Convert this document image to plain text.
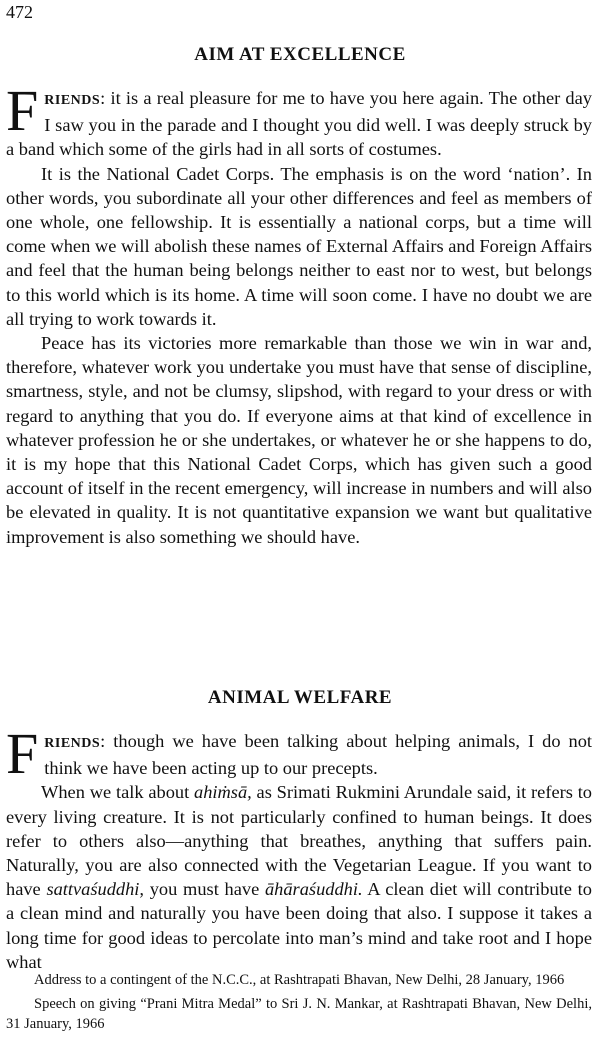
472
AIM AT EXCELLENCE

FRIENDS: it is a real pleasure for me to have you here again. The other day I saw you in the parade and I thought you did well. I was deeply struck by a band which some of the girls had in all sorts of costumes.

It is the National Cadet Corps. The emphasis is on the word ‘nation’. In other words, you subordinate all your other differences and feel as members of one whole, one fellowship. It is essentially a national corps, but a time will come when we will abolish these names of External Affairs and Foreign Affairs and feel that the human being belongs neither to east nor to west, but belongs to this world which is its home. A time will soon come. I have no doubt we are all trying to work towards it.

Peace has its victories more remarkable than those we win in war and, therefore, whatever work you undertake you must have that sense of discipline, smartness, style, and not be clumsy, slipshod, with regard to your dress or with regard to anything that you do. If everyone aims at that kind of excellence in whatever profession he or she undertakes, or whatever he or she happens to do, it is my hope that this National Cadet Corps, which has given such a good account of itself in the recent emergency, will increase in numbers and will also be elevated in quality. It is not quantitative expansion we want but qualitative improvement is also something we should have.

ANIMAL WELFARE

FRIENDS: though we have been talking about helping animals, I do not think we have been acting up to our precepts.

When we talk about ahiṁsā, as Srimati Rukmini Arundale said, it refers to every living creature. It is not particularly confined to human beings. It does refer to others also—anything that breathes, anything that suffers pain. Naturally, you are also connected with the Vegetarian League. If you want to have sattvaśuddhi, you must have āhāraśuddhi. A clean diet will contribute to a clean mind and naturally you have been doing that also. I suppose it takes a long time for good ideas to percolate into man’s mind and take root and I hope what

Address to a contingent of the N.C.C., at Rashtrapati Bhavan, New Delhi, 28 January, 1966

Speech on giving “Prani Mitra Medal” to Sri J. N. Mankar, at Rashtrapati Bhavan, New Delhi, 31 January, 1966
